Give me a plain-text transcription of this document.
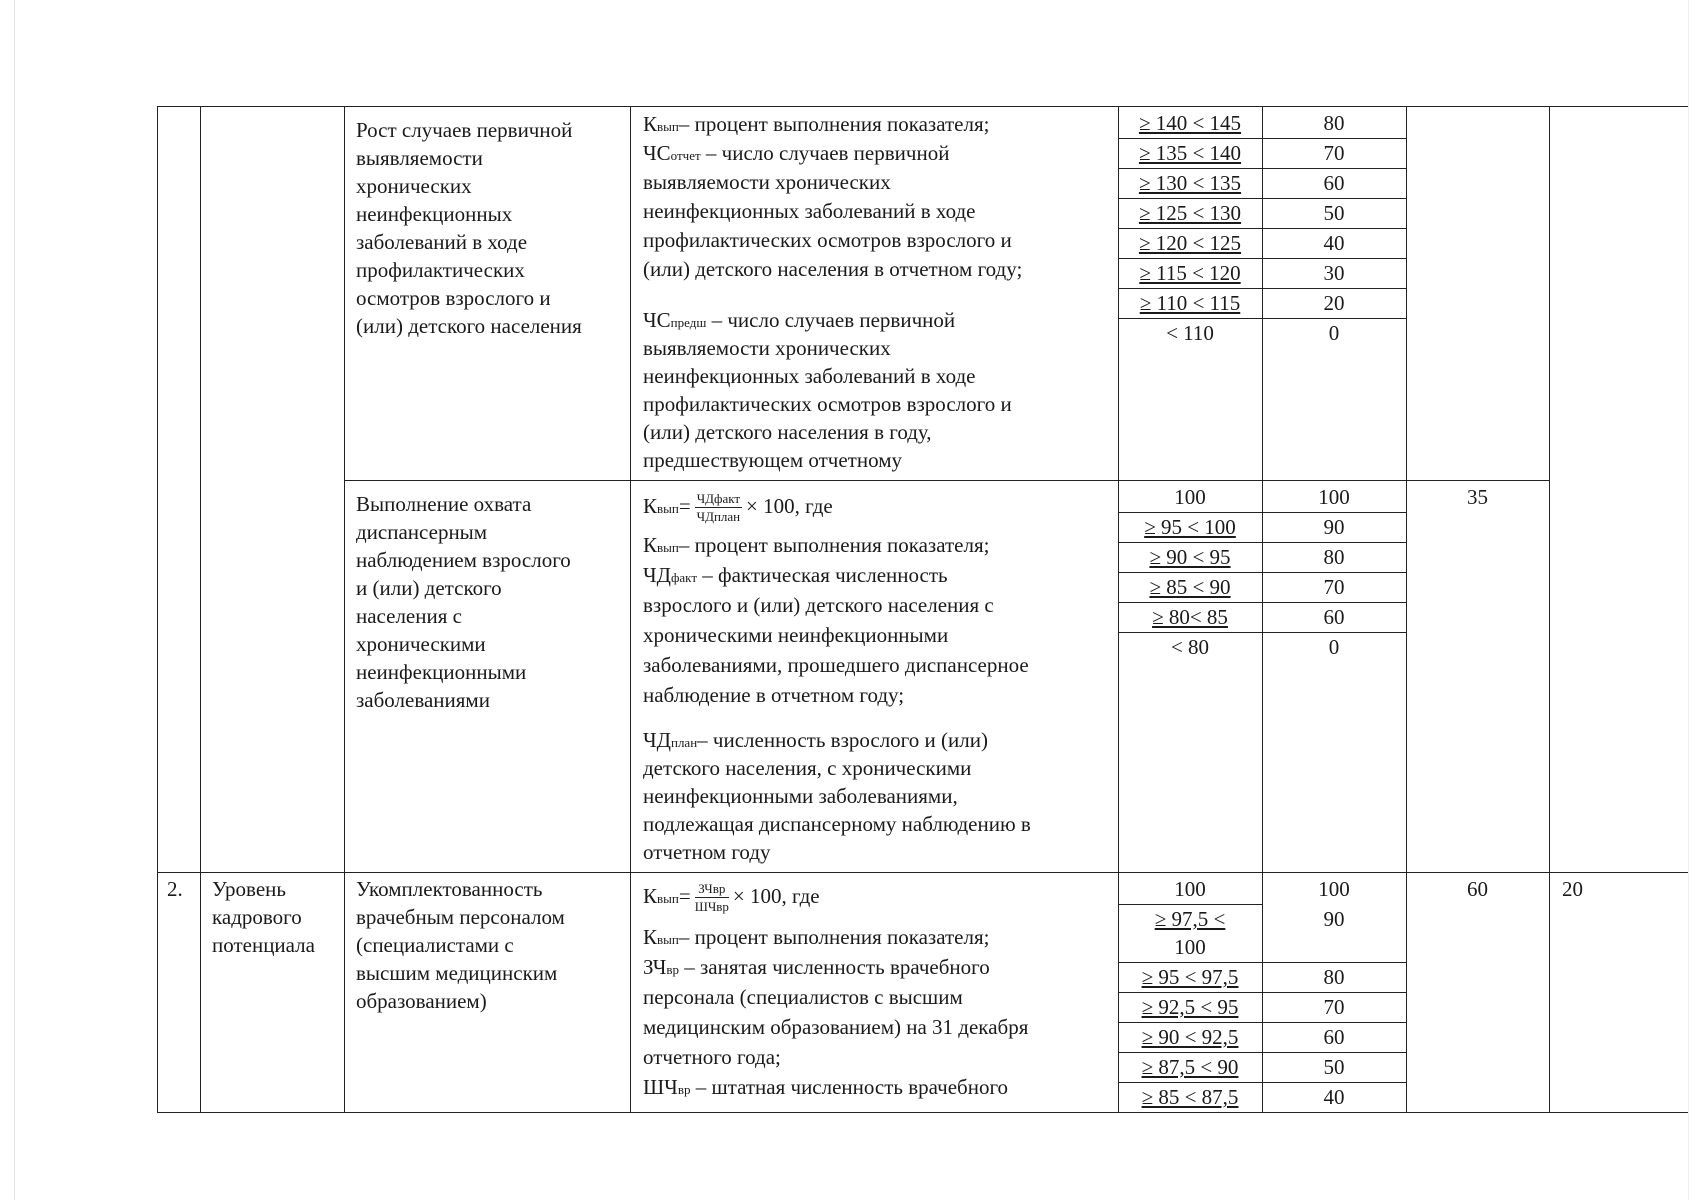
Рост случаев первичной
выявляемости
хронических
неинфекционных
заболеваний в ходе
профилактических
осмотров взрослого и
(или) детского населения
Квып– процент выполнения показателя;
ЧСотчет – число случаев первичной
выявляемости хронических
неинфекционных заболеваний в ходе
профилактических осмотров взрослого и
(или) детского населения в отчетном году;
ЧСпредш – число случаев первичной
выявляемости хронических
неинфекционных заболеваний в ходе
профилактических осмотров взрослого и
(или) детского населения в году,
предшествующем отчетному
≥ 140 < 145
≥ 135 < 140
≥ 130 < 135
≥ 125 < 130
≥ 120 < 125
≥ 115 < 120
≥ 110 < 115
< 110
80
70
60
50
40
30
20
0
Выполнение охвата
диспансерным
наблюдением взрослого
и (или) детского
населения с
хроническими
неинфекционными
заболеваниями
Квып= $\frac{\text{ЧДфакт}}{\text{ЧДплан}} \times 100$, где
Квып– процент выполнения показателя;
ЧДфакт – фактическая численность
взрослого и (или) детского населения с
хроническими неинфекционными
заболеваниями, прошедшего диспансерное
наблюдение в отчетном году;
ЧДплан– численность взрослого и (или)
детского населения, с хроническими
неинфекционными заболеваниями,
подлежащая диспансерному наблюдению в
отчетном году
100
≥ 95 < 100
≥ 90 < 95
≥ 85 < 90
≥ 80< 85
< 80
100
90
80
70
60
0
35
2. Уровень
кадрового
потенциала
Укомплектованность
врачебным персоналом
(специалистами с
высшим медицинским
образованием)
Квып= $\frac{\text{ЗЧвр}}{\text{ШЧвр}} \times 100$, где
Квып– процент выполнения показателя;
ЗЧвр – занятая численность врачебного
персонала (специалистов с высшим
медицинским образованием) на 31 декабря
отчетного года;
ШЧвр – штатная численность врачебного
100
≥ 97,5 <
100
≥ 95 < 97,5
≥ 92,5 < 95
≥ 90 < 92,5
≥ 87,5 < 90
≥ 85 < 87,5
100
90
80
70
60
50
40
60	20
